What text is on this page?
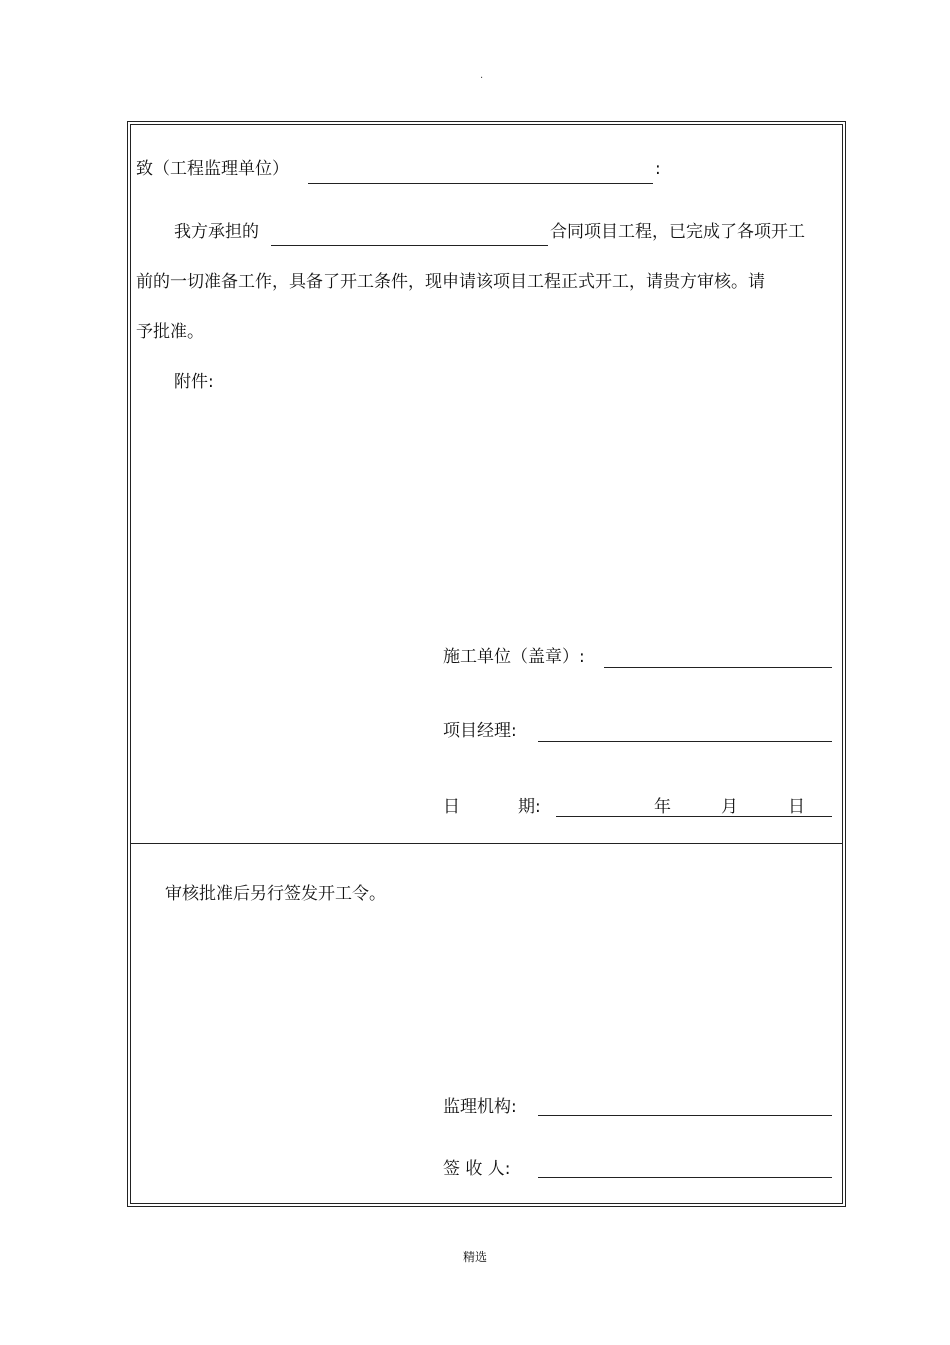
.
致（工程监理单位）	:
我方承担的	合同项目工程，已完成了各项开工
前的一切准备工作，具备了开工条件，现申请该项目工程正式开工，请贵方审核。请
予批准。
附件:
施工单位（盖章）:
项目经理:
日	期:	年	月	日
审核批准后另行签发开工令。
监理机构:
签 收 人:
精选
